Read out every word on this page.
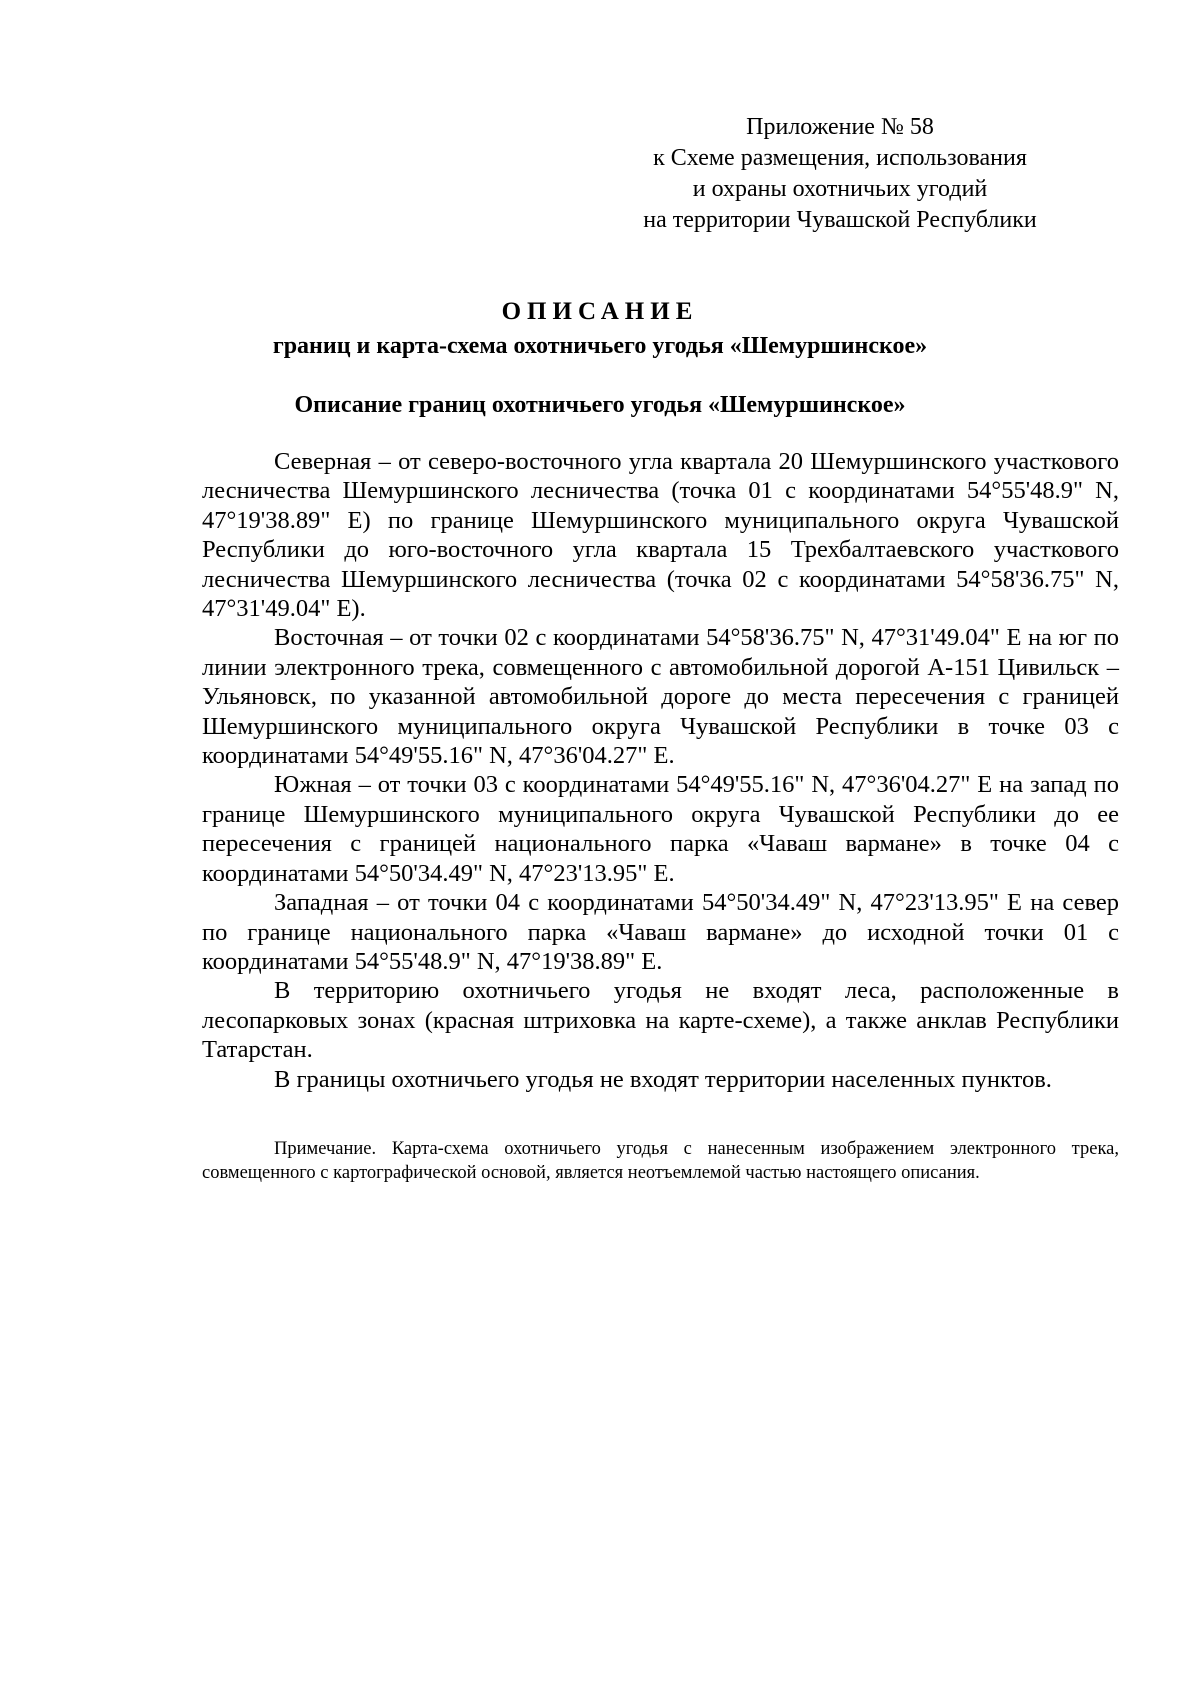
Приложение № 58
к Схеме размещения, использования
и охраны охотничьих угодий
на территории Чувашской Республики
ОПИСАНИЕ
границ и карта-схема охотничьего угодья «Шемуршинское»
Описание границ охотничьего угодья «Шемуршинское»

Северная – от северо-восточного угла квартала 20 Шемуршинского участкового лесничества Шемуршинского лесничества (точка 01 с координатами 54°55'48.9" N, 47°19'38.89" E) по границе Шемуршинского муниципального округа Чувашской Республики до юго-восточного угла квартала 15 Трехбалтаевского участкового лесничества Шемуршинского лесничества (точка 02 с координатами 54°58'36.75" N, 47°31'49.04" E).

Восточная – от точки 02 с координатами 54°58'36.75" N, 47°31'49.04" E на юг по линии электронного трека, совмещенного с автомобильной дорогой А-151 Цивильск – Ульяновск, по указанной автомобильной дороге до места пересечения с границей Шемуршинского муниципального округа Чувашской Республики в точке 03 с координатами 54°49'55.16" N, 47°36'04.27" E.

Южная – от точки 03 с координатами 54°49'55.16" N, 47°36'04.27" E на запад по границе Шемуршинского муниципального округа Чувашской Республики до ее пересечения с границей национального парка «Чаваш вармане» в точке 04 с координатами 54°50'34.49" N, 47°23'13.95" E.

Западная – от точки 04 с координатами 54°50'34.49" N, 47°23'13.95" E на север по границе национального парка «Чаваш вармане» до исходной точки 01 с координатами 54°55'48.9" N, 47°19'38.89" E.

В территорию охотничьего угодья не входят леса, расположенные в лесопарковых зонах (красная штриховка на карте-схеме), а также анклав Республики Татарстан.

В границы охотничьего угодья не входят территории населенных пунктов.

Примечание. Карта-схема охотничьего угодья с нанесенным изображением электронного трека, совмещенного с картографической основой, является неотъемлемой частью настоящего описания.
